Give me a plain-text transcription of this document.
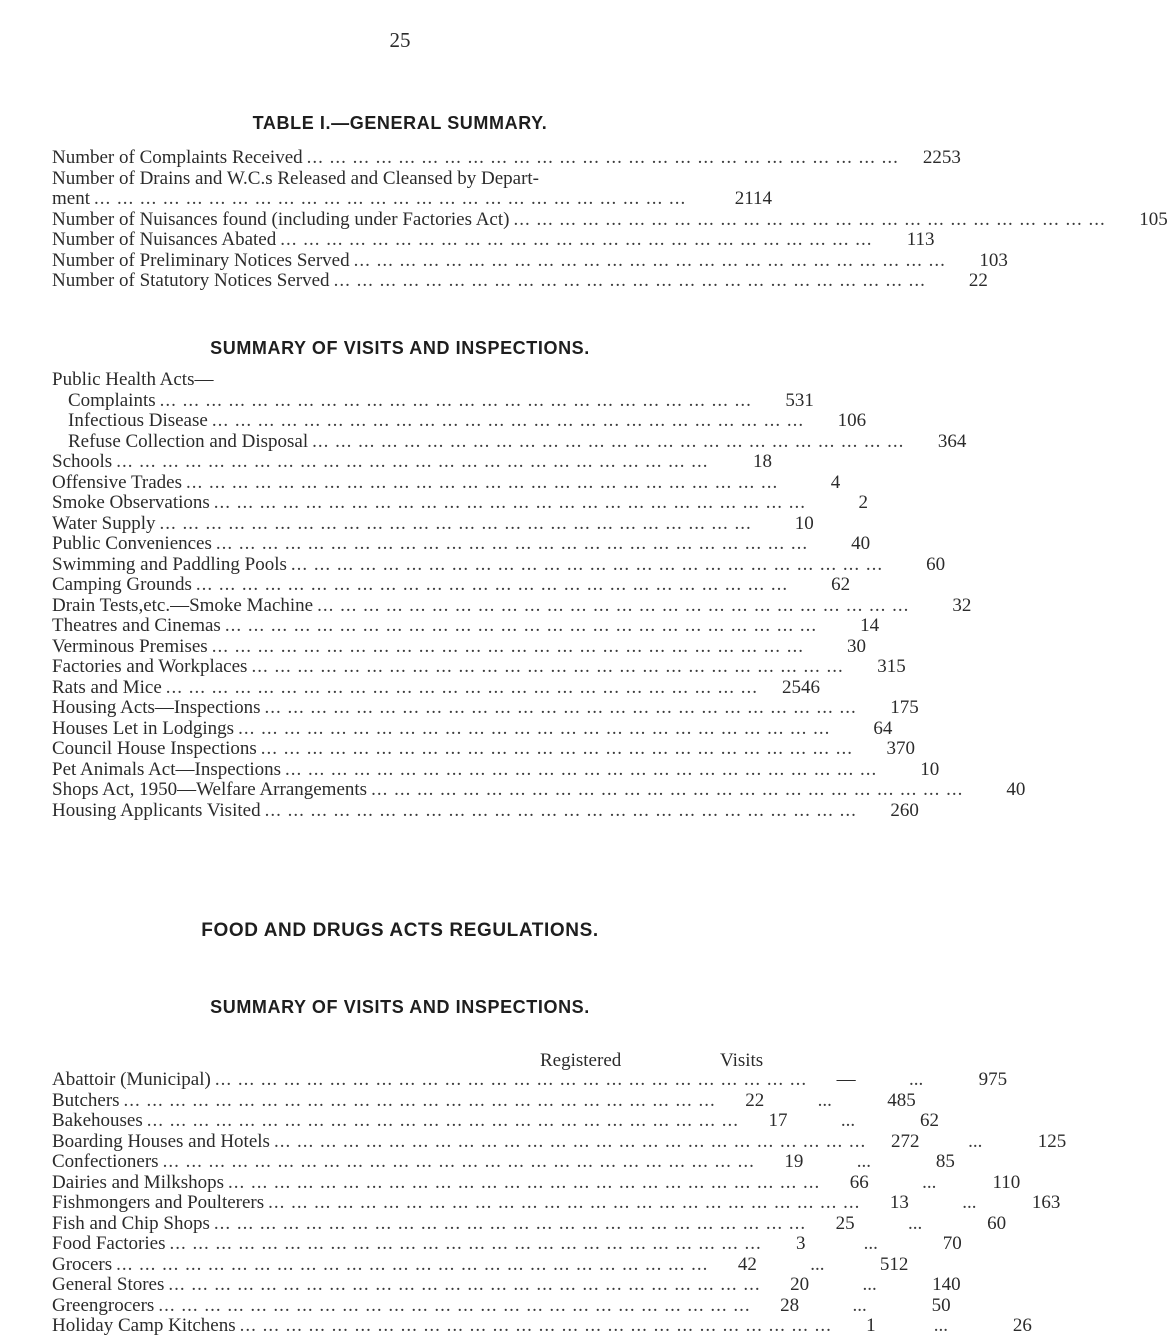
25
TABLE I.—GENERAL SUMMARY.
Number of Complaints Received ... ... ... ... ... ... ... ... ... ... ... ... ... ... ... ... ... ... ... ... ... ... ... ... ... ...	2253
Number of Drains and W.C.s Released and Cleansed by Depart-
ment ... ... ... ... ... ... ... ... ... ... ... ... ... ... ... ... ... ... ... ... ... ... ... ... ... ...	2114
Number of Nuisances found (including under Factories Act) ... ... ... ... ... ... ... ... ... ... ... ... ... ... ... ... ... ... ... ... ... ... ... ... ... ...	105
Number of Nuisances Abated ... ... ... ... ... ... ... ... ... ... ... ... ... ... ... ... ... ... ... ... ... ... ... ... ... ...	113
Number of Preliminary Notices Served ... ... ... ... ... ... ... ... ... ... ... ... ... ... ... ... ... ... ... ... ... ... ... ... ... ...	103
Number of Statutory Notices Served ... ... ... ... ... ... ... ... ... ... ... ... ... ... ... ... ... ... ... ... ... ... ... ... ... ...	22
SUMMARY OF VISITS AND INSPECTIONS.
Public Health Acts—
Complaints ... ... ... ... ... ... ... ... ... ... ... ... ... ... ... ... ... ... ... ... ... ... ... ... ... ...	531
Infectious Disease ... ... ... ... ... ... ... ... ... ... ... ... ... ... ... ... ... ... ... ... ... ... ... ... ... ...	106
Refuse Collection and Disposal ... ... ... ... ... ... ... ... ... ... ... ... ... ... ... ... ... ... ... ... ... ... ... ... ... ...	364
Schools ... ... ... ... ... ... ... ... ... ... ... ... ... ... ... ... ... ... ... ... ... ... ... ... ... ...	18
Offensive Trades ... ... ... ... ... ... ... ... ... ... ... ... ... ... ... ... ... ... ... ... ... ... ... ... ... ...	4
Smoke Observations ... ... ... ... ... ... ... ... ... ... ... ... ... ... ... ... ... ... ... ... ... ... ... ... ... ...	2
Water Supply ... ... ... ... ... ... ... ... ... ... ... ... ... ... ... ... ... ... ... ... ... ... ... ... ... ...	10
Public Conveniences ... ... ... ... ... ... ... ... ... ... ... ... ... ... ... ... ... ... ... ... ... ... ... ... ... ...	40
Swimming and Paddling Pools ... ... ... ... ... ... ... ... ... ... ... ... ... ... ... ... ... ... ... ... ... ... ... ... ... ...	60
Camping Grounds ... ... ... ... ... ... ... ... ... ... ... ... ... ... ... ... ... ... ... ... ... ... ... ... ... ...	62
Drain Tests,etc.—Smoke Machine ... ... ... ... ... ... ... ... ... ... ... ... ... ... ... ... ... ... ... ... ... ... ... ... ... ...	32
Theatres and Cinemas ... ... ... ... ... ... ... ... ... ... ... ... ... ... ... ... ... ... ... ... ... ... ... ... ... ...	14
Verminous Premises ... ... ... ... ... ... ... ... ... ... ... ... ... ... ... ... ... ... ... ... ... ... ... ... ... ...	30
Factories and Workplaces ... ... ... ... ... ... ... ... ... ... ... ... ... ... ... ... ... ... ... ... ... ... ... ... ... ...	315
Rats and Mice ... ... ... ... ... ... ... ... ... ... ... ... ... ... ... ... ... ... ... ... ... ... ... ... ... ...	2546
Housing Acts—Inspections ... ... ... ... ... ... ... ... ... ... ... ... ... ... ... ... ... ... ... ... ... ... ... ... ... ...	175
Houses Let in Lodgings ... ... ... ... ... ... ... ... ... ... ... ... ... ... ... ... ... ... ... ... ... ... ... ... ... ...	64
Council House Inspections ... ... ... ... ... ... ... ... ... ... ... ... ... ... ... ... ... ... ... ... ... ... ... ... ... ...	370
Pet Animals Act—Inspections ... ... ... ... ... ... ... ... ... ... ... ... ... ... ... ... ... ... ... ... ... ... ... ... ... ...	10
Shops Act, 1950—Welfare Arrangements ... ... ... ... ... ... ... ... ... ... ... ... ... ... ... ... ... ... ... ... ... ... ... ... ... ...	40
Housing Applicants Visited ... ... ... ... ... ... ... ... ... ... ... ... ... ... ... ... ... ... ... ... ... ... ... ... ... ...	260
FOOD AND DRUGS ACTS REGULATIONS.
SUMMARY OF VISITS AND INSPECTIONS.
Registered	Visits
Abattoir (Municipal) ... ... ... ... ... ... ... ... ... ... ... ... ... ... ... ... ... ... ... ... ... ... ... ... ... ...	—	...	975
Butchers ... ... ... ... ... ... ... ... ... ... ... ... ... ... ... ... ... ... ... ... ... ... ... ... ... ...	22	...	485
Bakehouses ... ... ... ... ... ... ... ... ... ... ... ... ... ... ... ... ... ... ... ... ... ... ... ... ... ...	17	...	62
Boarding Houses and Hotels ... ... ... ... ... ... ... ... ... ... ... ... ... ... ... ... ... ... ... ... ... ... ... ... ... ...	272	...	125
Confectioners ... ... ... ... ... ... ... ... ... ... ... ... ... ... ... ... ... ... ... ... ... ... ... ... ... ...	19	...	85
Dairies and Milkshops ... ... ... ... ... ... ... ... ... ... ... ... ... ... ... ... ... ... ... ... ... ... ... ... ... ...	66	...	110
Fishmongers and Poulterers ... ... ... ... ... ... ... ... ... ... ... ... ... ... ... ... ... ... ... ... ... ... ... ... ... ...	13	...	163
Fish and Chip Shops ... ... ... ... ... ... ... ... ... ... ... ... ... ... ... ... ... ... ... ... ... ... ... ... ... ...	25	...	60
Food Factories ... ... ... ... ... ... ... ... ... ... ... ... ... ... ... ... ... ... ... ... ... ... ... ... ... ...	3	...	70
Grocers ... ... ... ... ... ... ... ... ... ... ... ... ... ... ... ... ... ... ... ... ... ... ... ... ... ...	42	...	512
General Stores ... ... ... ... ... ... ... ... ... ... ... ... ... ... ... ... ... ... ... ... ... ... ... ... ... ...	20	...	140
Greengrocers ... ... ... ... ... ... ... ... ... ... ... ... ... ... ... ... ... ... ... ... ... ... ... ... ... ...	28	...	50
Holiday Camp Kitchens ... ... ... ... ... ... ... ... ... ... ... ... ... ... ... ... ... ... ... ... ... ... ... ... ... ...	1	...	26
